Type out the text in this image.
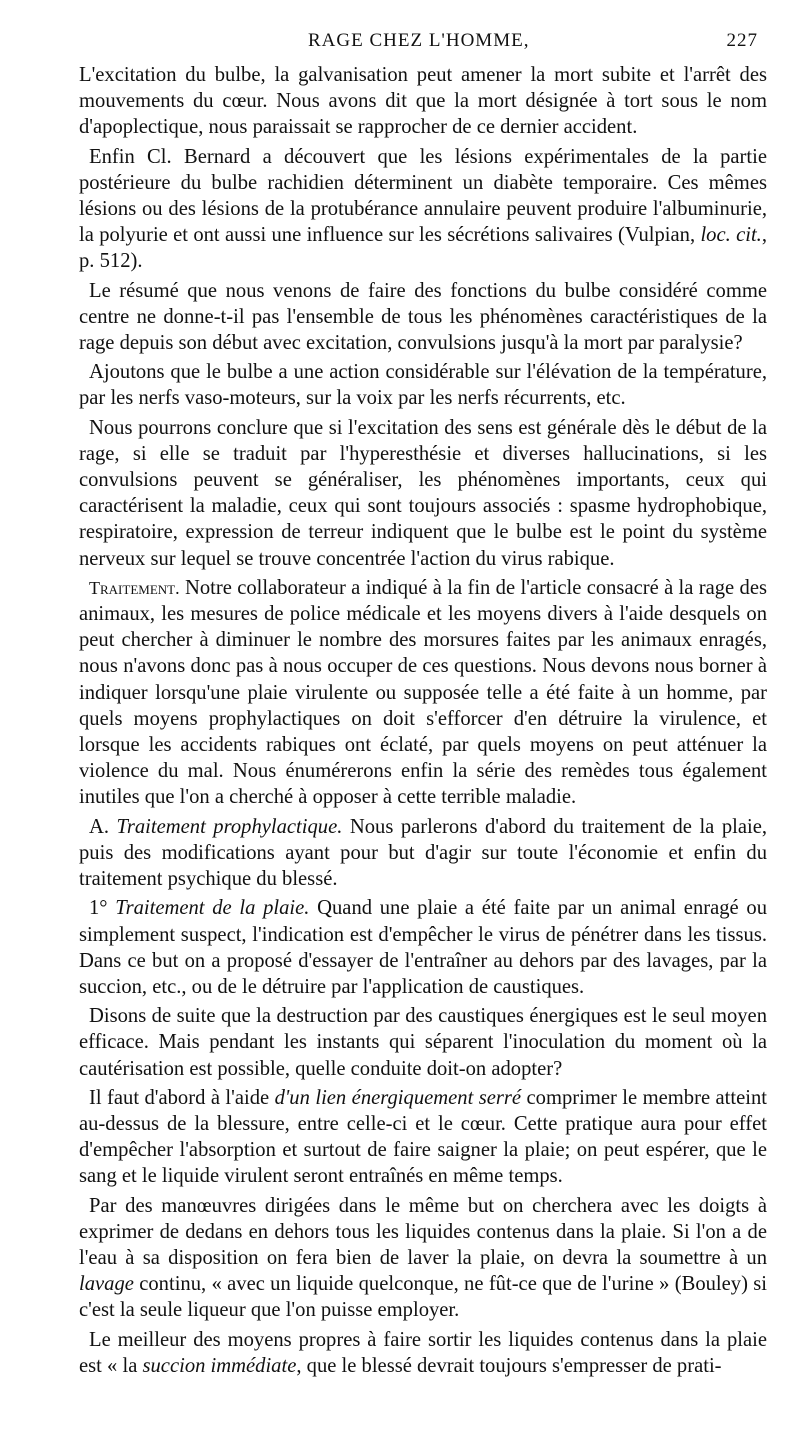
RAGE CHEZ L'HOMME,	227

L'excitation du bulbe, la galvanisation peut amener la mort subite et l'arrêt des mouvements du cœur. Nous avons dit que la mort désignée à tort sous le nom d'apoplectique, nous paraissait se rapprocher de ce dernier accident.

Enfin Cl. Bernard a découvert que les lésions expérimentales de la partie postérieure du bulbe rachidien déterminent un diabète temporaire. Ces mêmes lésions ou des lésions de la protubérance annulaire peuvent produire l'albuminurie, la polyurie et ont aussi une influence sur les sécrétions salivaires (Vulpian, loc. cit., p. 512).

Le résumé que nous venons de faire des fonctions du bulbe considéré comme centre ne donne-t-il pas l'ensemble de tous les phénomènes caractéristiques de la rage depuis son début avec excitation, convulsions jusqu'à la mort par paralysie?

Ajoutons que le bulbe a une action considérable sur l'élévation de la température, par les nerfs vaso-moteurs, sur la voix par les nerfs récurrents, etc.

Nous pourrons conclure que si l'excitation des sens est générale dès le début de la rage, si elle se traduit par l'hyperesthésie et diverses hallucinations, si les convulsions peuvent se généraliser, les phénomènes importants, ceux qui caractérisent la maladie, ceux qui sont toujours associés : spasme hydrophobique, respiratoire, expression de terreur indiquent que le bulbe est le point du système nerveux sur lequel se trouve concentrée l'action du virus rabique.

Traitement. Notre collaborateur a indiqué à la fin de l'article consacré à la rage des animaux, les mesures de police médicale et les moyens divers à l'aide desquels on peut chercher à diminuer le nombre des morsures faites par les animaux enragés, nous n'avons donc pas à nous occuper de ces questions. Nous devons nous borner à indiquer lorsqu'une plaie virulente ou supposée telle a été faite à un homme, par quels moyens prophylactiques on doit s'efforcer d'en détruire la virulence, et lorsque les accidents rabiques ont éclaté, par quels moyens on peut atténuer la violence du mal. Nous énumérerons enfin la série des remèdes tous également inutiles que l'on a cherché à opposer à cette terrible maladie.

A. Traitement prophylactique. Nous parlerons d'abord du traitement de la plaie, puis des modifications ayant pour but d'agir sur toute l'économie et enfin du traitement psychique du blessé.

1° Traitement de la plaie. Quand une plaie a été faite par un animal enragé ou simplement suspect, l'indication est d'empêcher le virus de pénétrer dans les tissus. Dans ce but on a proposé d'essayer de l'entraîner au dehors par des lavages, par la succion, etc., ou de le détruire par l'application de caustiques.

Disons de suite que la destruction par des caustiques énergiques est le seul moyen efficace. Mais pendant les instants qui séparent l'inoculation du moment où la cautérisation est possible, quelle conduite doit-on adopter?

Il faut d'abord à l'aide d'un lien énergiquement serré comprimer le membre atteint au-dessus de la blessure, entre celle-ci et le cœur. Cette pratique aura pour effet d'empêcher l'absorption et surtout de faire saigner la plaie; on peut espérer, que le sang et le liquide virulent seront entraînés en même temps.

Par des manœuvres dirigées dans le même but on cherchera avec les doigts à exprimer de dedans en dehors tous les liquides contenus dans la plaie. Si l'on a de l'eau à sa disposition on fera bien de laver la plaie, on devra la soumettre à un lavage continu, « avec un liquide quelconque, ne fût-ce que de l'urine » (Bouley) si c'est la seule liqueur que l'on puisse employer.

Le meilleur des moyens propres à faire sortir les liquides contenus dans la plaie est « la succion immédiate, que le blessé devrait toujours s'empresser de prati-
